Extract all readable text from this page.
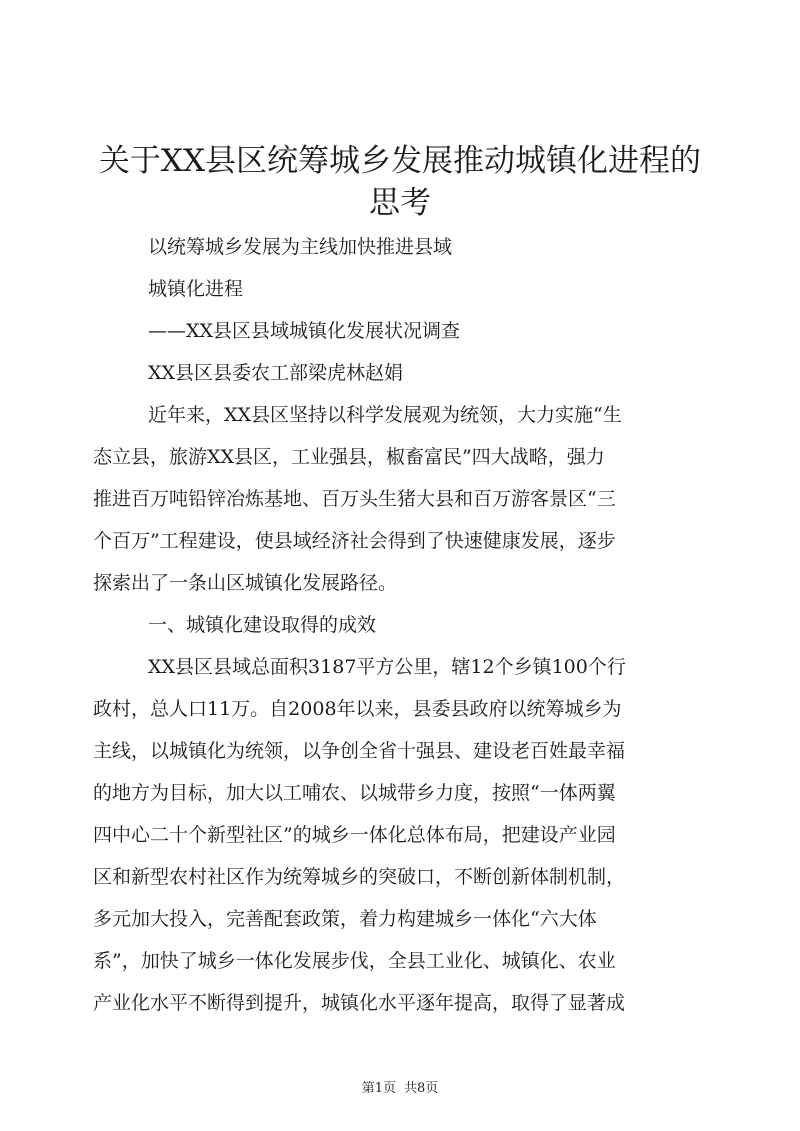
关于XX县区统筹城乡发展推动城镇化进程的
思考
以统筹城乡发展为主线加快推进县域
城镇化进程
——XX县区县域城镇化发展状况调查
XX县区县委农工部梁虎林赵娟
近年来，XX县区坚持以科学发展观为统领，大力实施“生
态立县，旅游XX县区，工业强县，椒畜富民”四大战略，强力
推进百万吨铅锌冶炼基地、百万头生猪大县和百万游客景区“三
个百万”工程建设，使县域经济社会得到了快速健康发展，逐步
探索出了一条山区城镇化发展路径。
一、城镇化建设取得的成效
XX县区县域总面积3187平方公里，辖12个乡镇100个行
政村，总人口11万。自2008年以来，县委县政府以统筹城乡为
主线，以城镇化为统领，以争创全省十强县、建设老百姓最幸福
的地方为目标，加大以工哺农、以城带乡力度，按照“一体两翼
四中心二十个新型社区”的城乡一体化总体布局，把建设产业园
区和新型农村社区作为统筹城乡的突破口，不断创新体制机制，
多元加大投入，完善配套政策，着力构建城乡一体化“六大体
系”，加快了城乡一体化发展步伐，全县工业化、城镇化、农业
产业化水平不断得到提升，城镇化水平逐年提高，取得了显著成
第1页 共8页
